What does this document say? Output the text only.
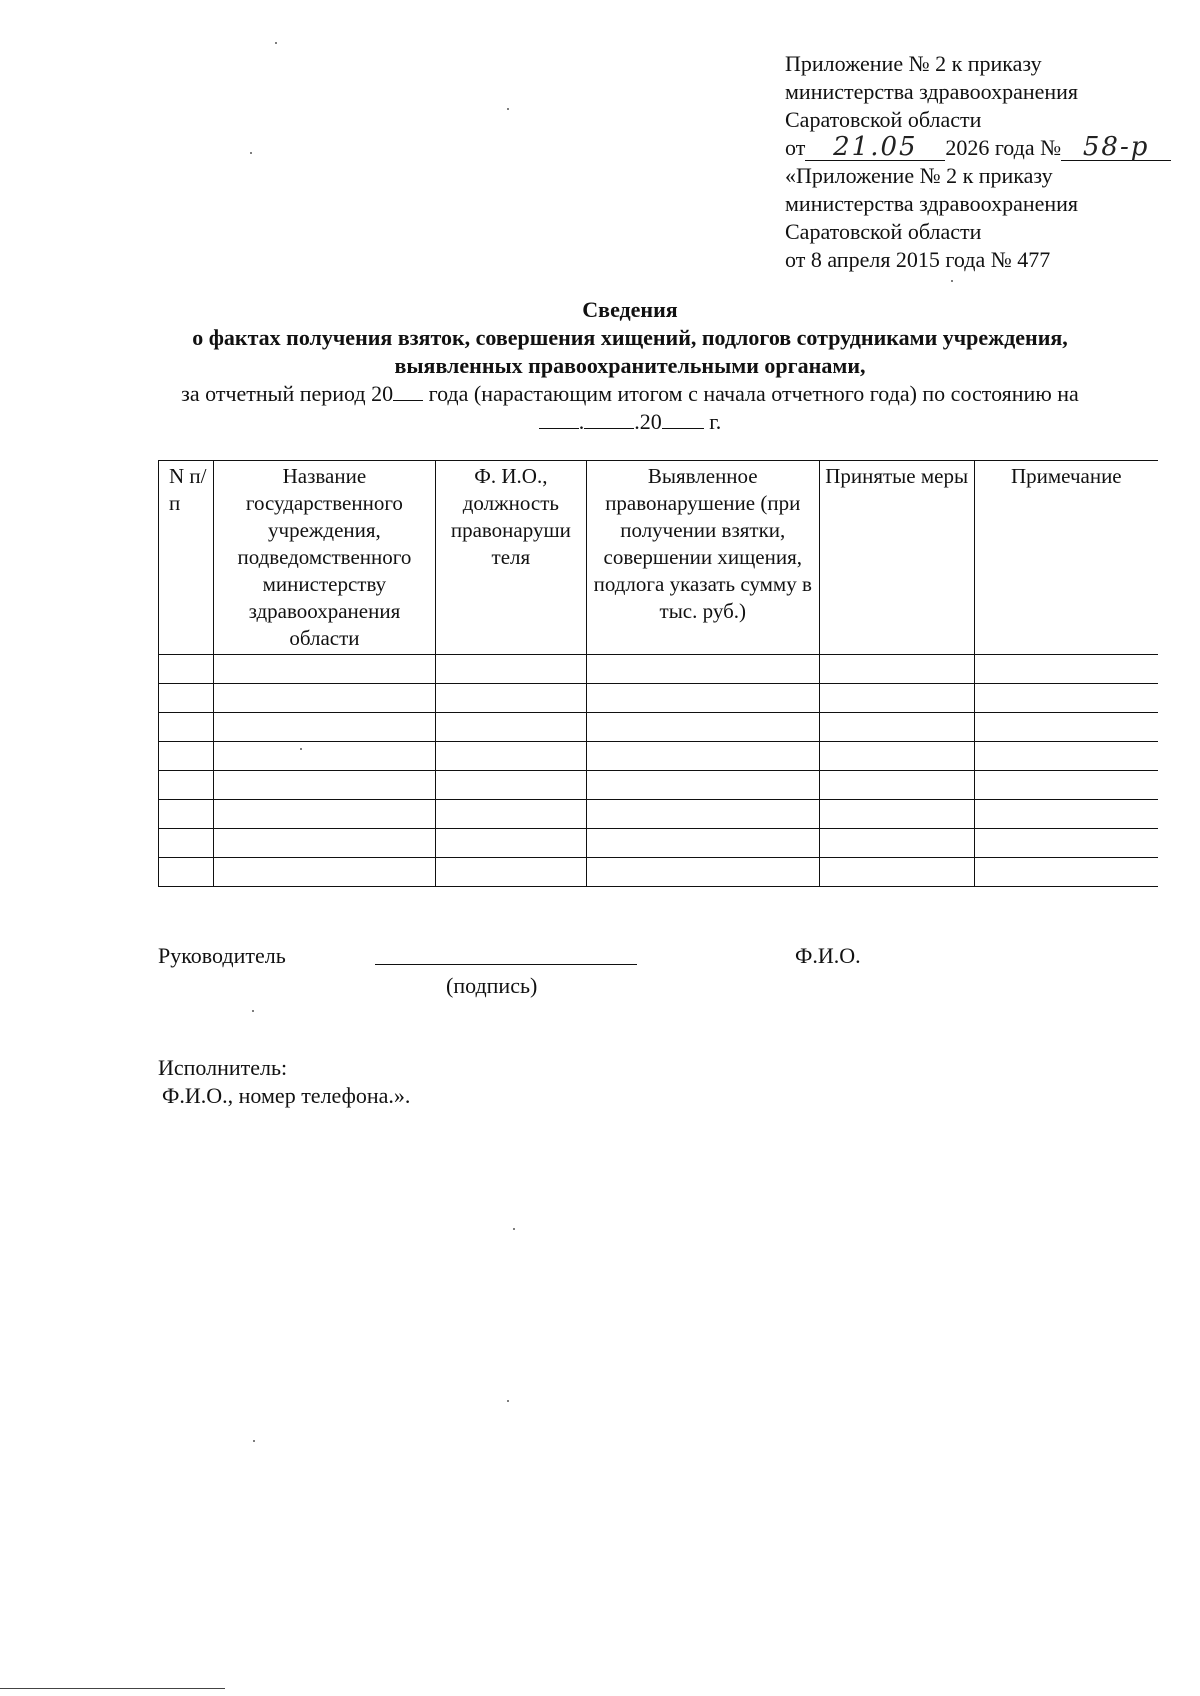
Приложение № 2 к приказу
министерства здравоохранения
Саратовской области
от 21.05 2026 года № 58-р
«Приложение № 2 к приказу
министерства здравоохранения
Саратовской области
от 8 апреля 2015 года № 477
Сведения
о фактах получения взяток, совершения хищений, подлогов сотрудниками учреждения,
выявленных правоохранительными органами,
за отчетный период 20 года (нарастающим итогом с начала отчетного года) по состоянию на
. .20 г.
N п/п	Название государственного учреждения, подведомственного министерству здравоохранения области	Ф. И.О., должность правонаруши теля	Выявленное правонарушение (при получении взятки, совершении хищения, подлога указать сумму в тыс. руб.)	Принятые меры	Примечание

Руководитель
(подпись)
Ф.И.О.
Исполнитель:
Ф.И.О., номер телефона.».
